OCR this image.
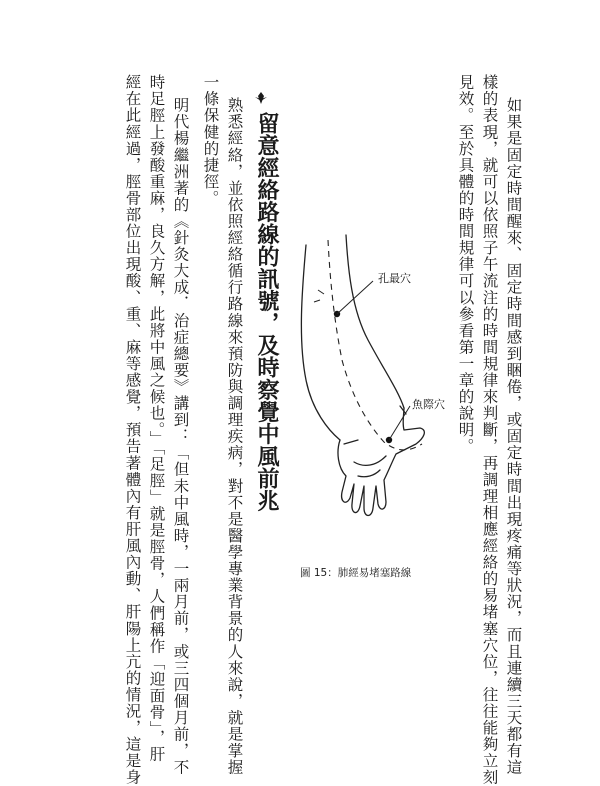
如果是固定時間醒來、固定時間感到睏倦，或固定時間出現疼痛等狀況，而且連續三天都有這
樣的表現，就可以依照子午流注的時間規律來判斷，再調理相應經絡的易堵塞穴位，往往能夠立刻
見效。至於具體的時間規律可以參看第一章的說明。
留意經絡路線的訊號，及時察覺中風前兆
熟悉經絡，並依照經絡循行路線來預防與調理疾病，對不是醫學專業背景的人來說，就是掌握
一條保健的捷徑。
明代楊繼洲著的《針灸大成．治症總要》講到：「但未中風時，一兩月前，或三四個月前，不
時足脛上發酸重麻，良久方解，此將中風之候也。」「足脛」就是脛骨，人們稱作「迎面骨」，肝
經在此經過，脛骨部位出現酸、重、麻等感覺，預告著體內有肝風內動、肝陽上亢的情況，這是身	孔最穴
魚際穴
圖 15：肺經易堵塞路線
